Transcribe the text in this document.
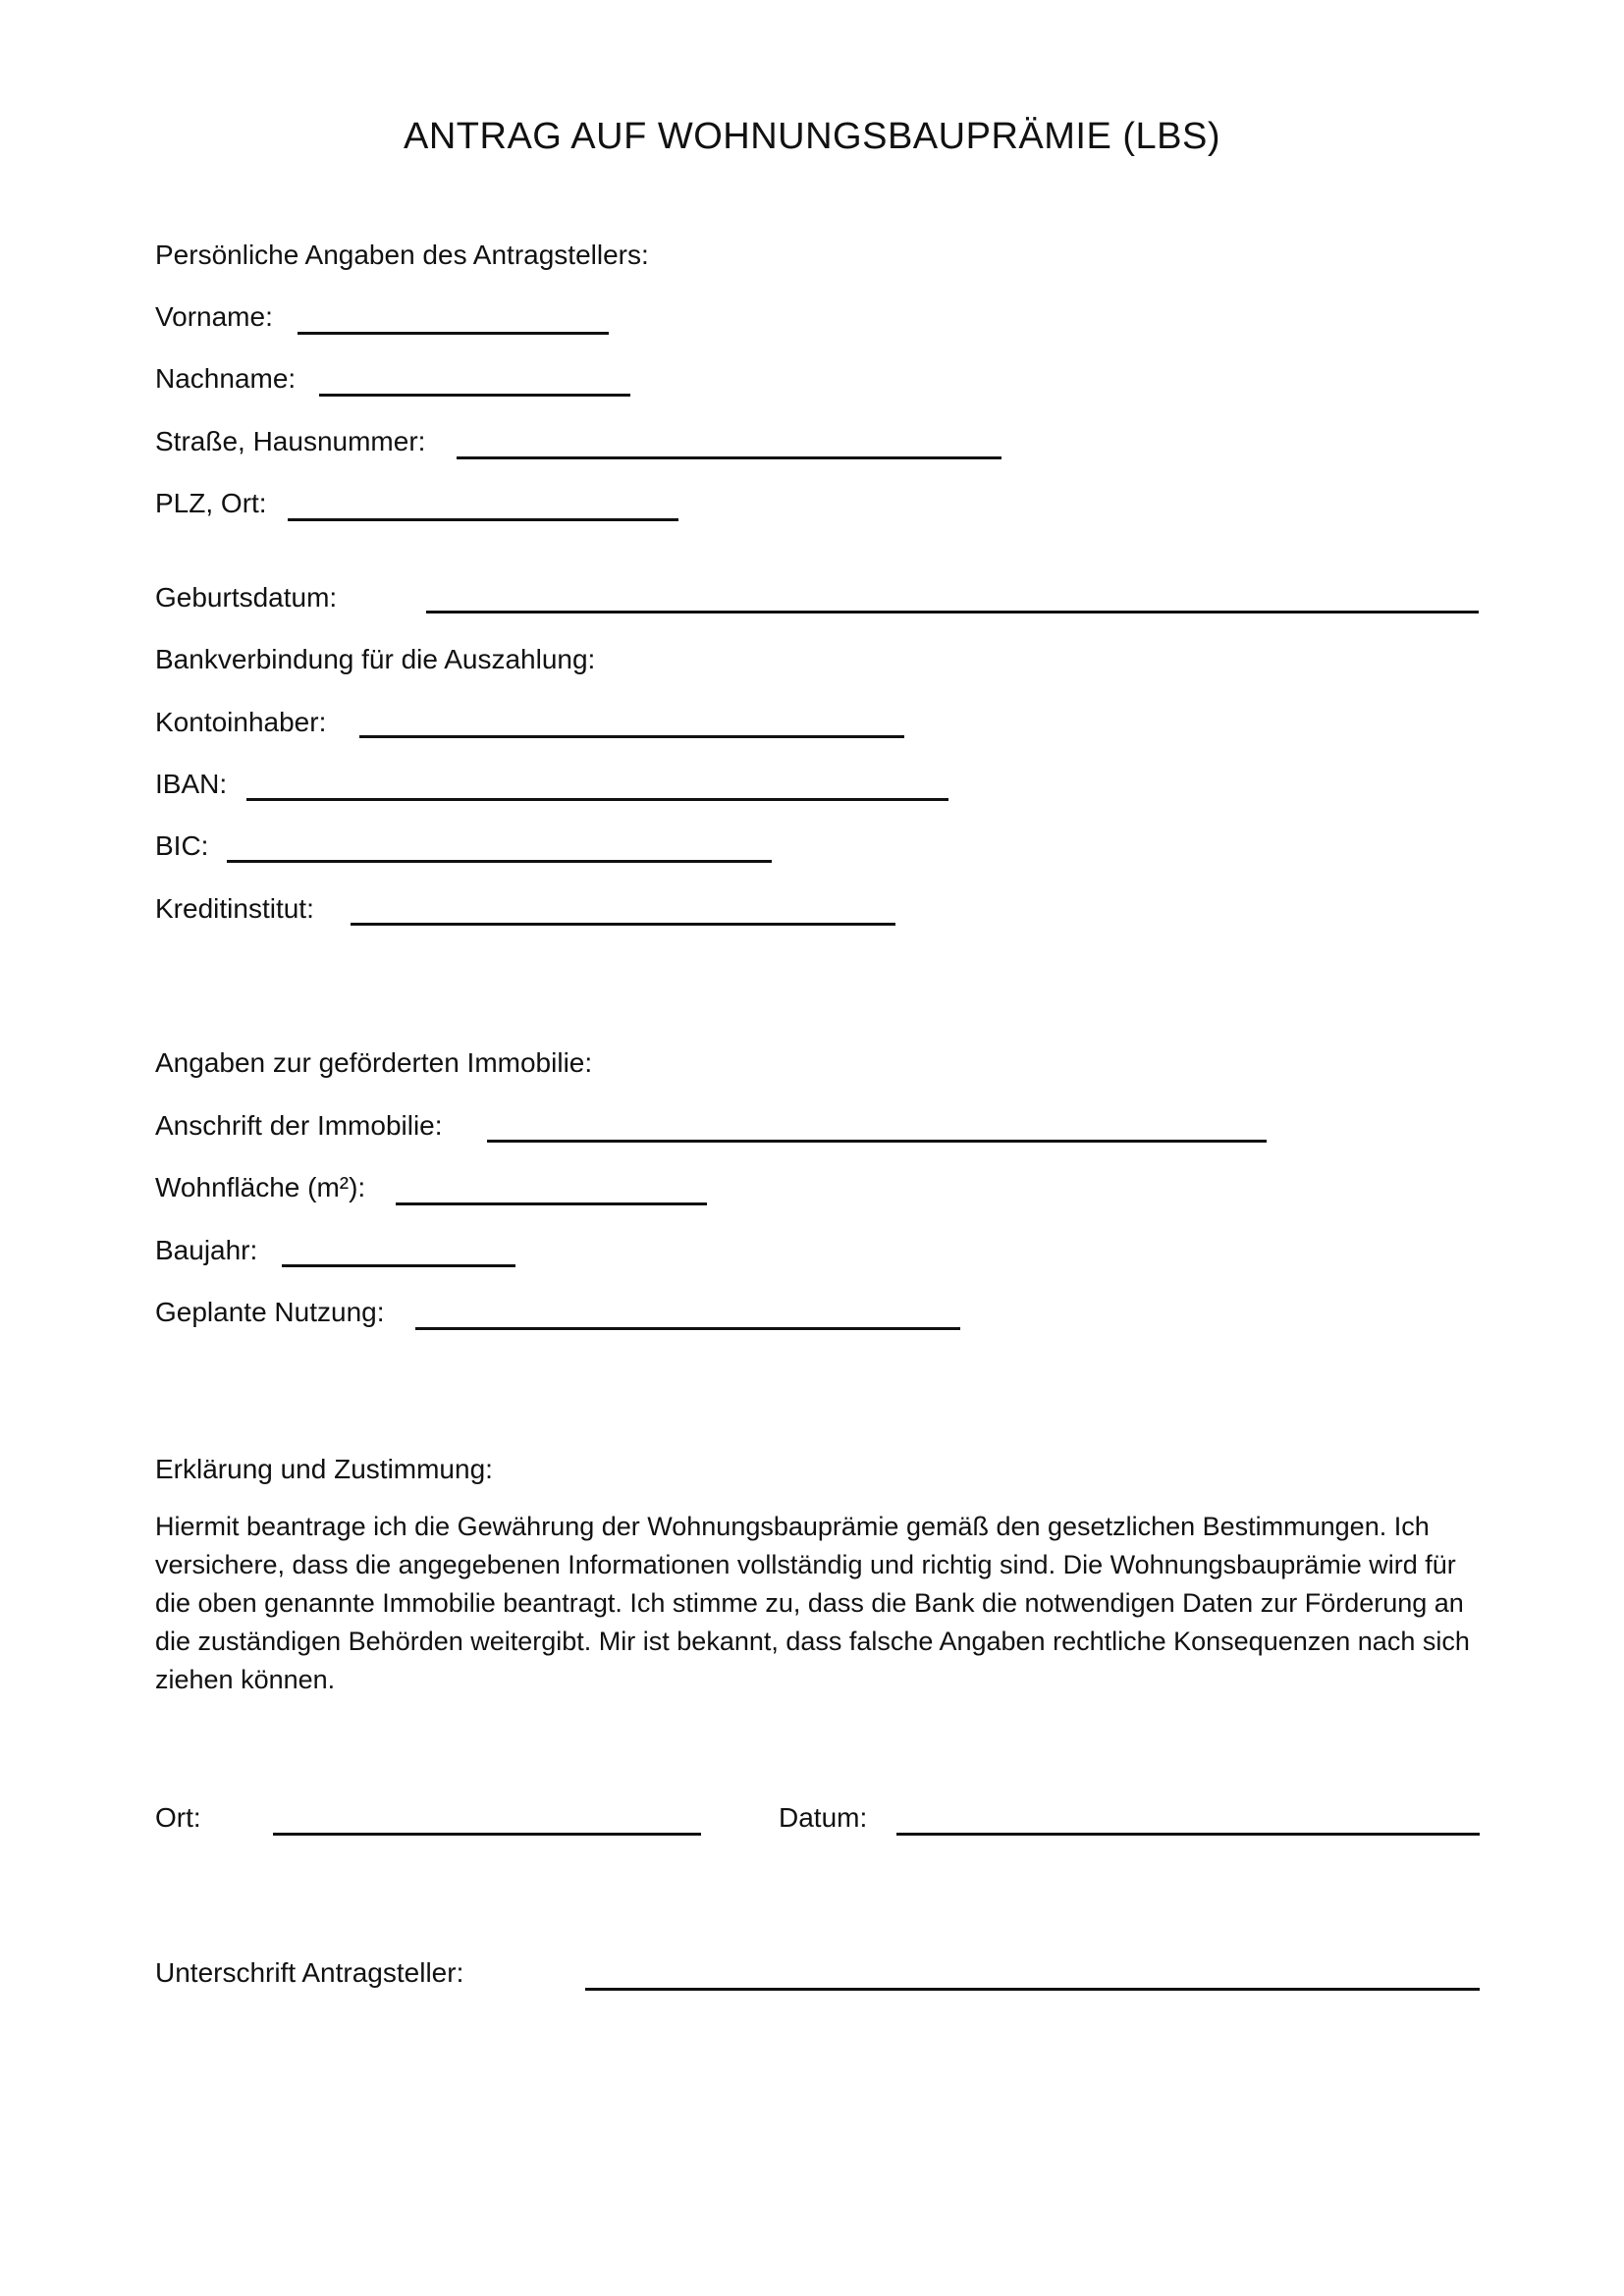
ANTRAG AUF WOHNUNGSBAUPRÄMIE (LBS)
Persönliche Angaben des Antragstellers:
Vorname:
Nachname:
Straße, Hausnummer:
PLZ, Ort:
Geburtsdatum:
Bankverbindung für die Auszahlung:
Kontoinhaber:
IBAN:
BIC:
Kreditinstitut:
Angaben zur geförderten Immobilie:
Anschrift der Immobilie:
Wohnfläche (m²):
Baujahr:
Geplante Nutzung:
Erklärung und Zustimmung:
Hiermit beantrage ich die Gewährung der Wohnungsbauprämie gemäß den gesetzlichen Bestimmungen. Ich versichere, dass die angegebenen Informationen vollständig und richtig sind. Die Wohnungsbauprämie wird für die oben genannte Immobilie beantragt. Ich stimme zu, dass die Bank die notwendigen Daten zur Förderung an die zuständigen Behörden weitergibt. Mir ist bekannt, dass falsche Angaben rechtliche Konsequenzen nach sich ziehen können.
Ort:	Datum:
Unterschrift Antragsteller:
